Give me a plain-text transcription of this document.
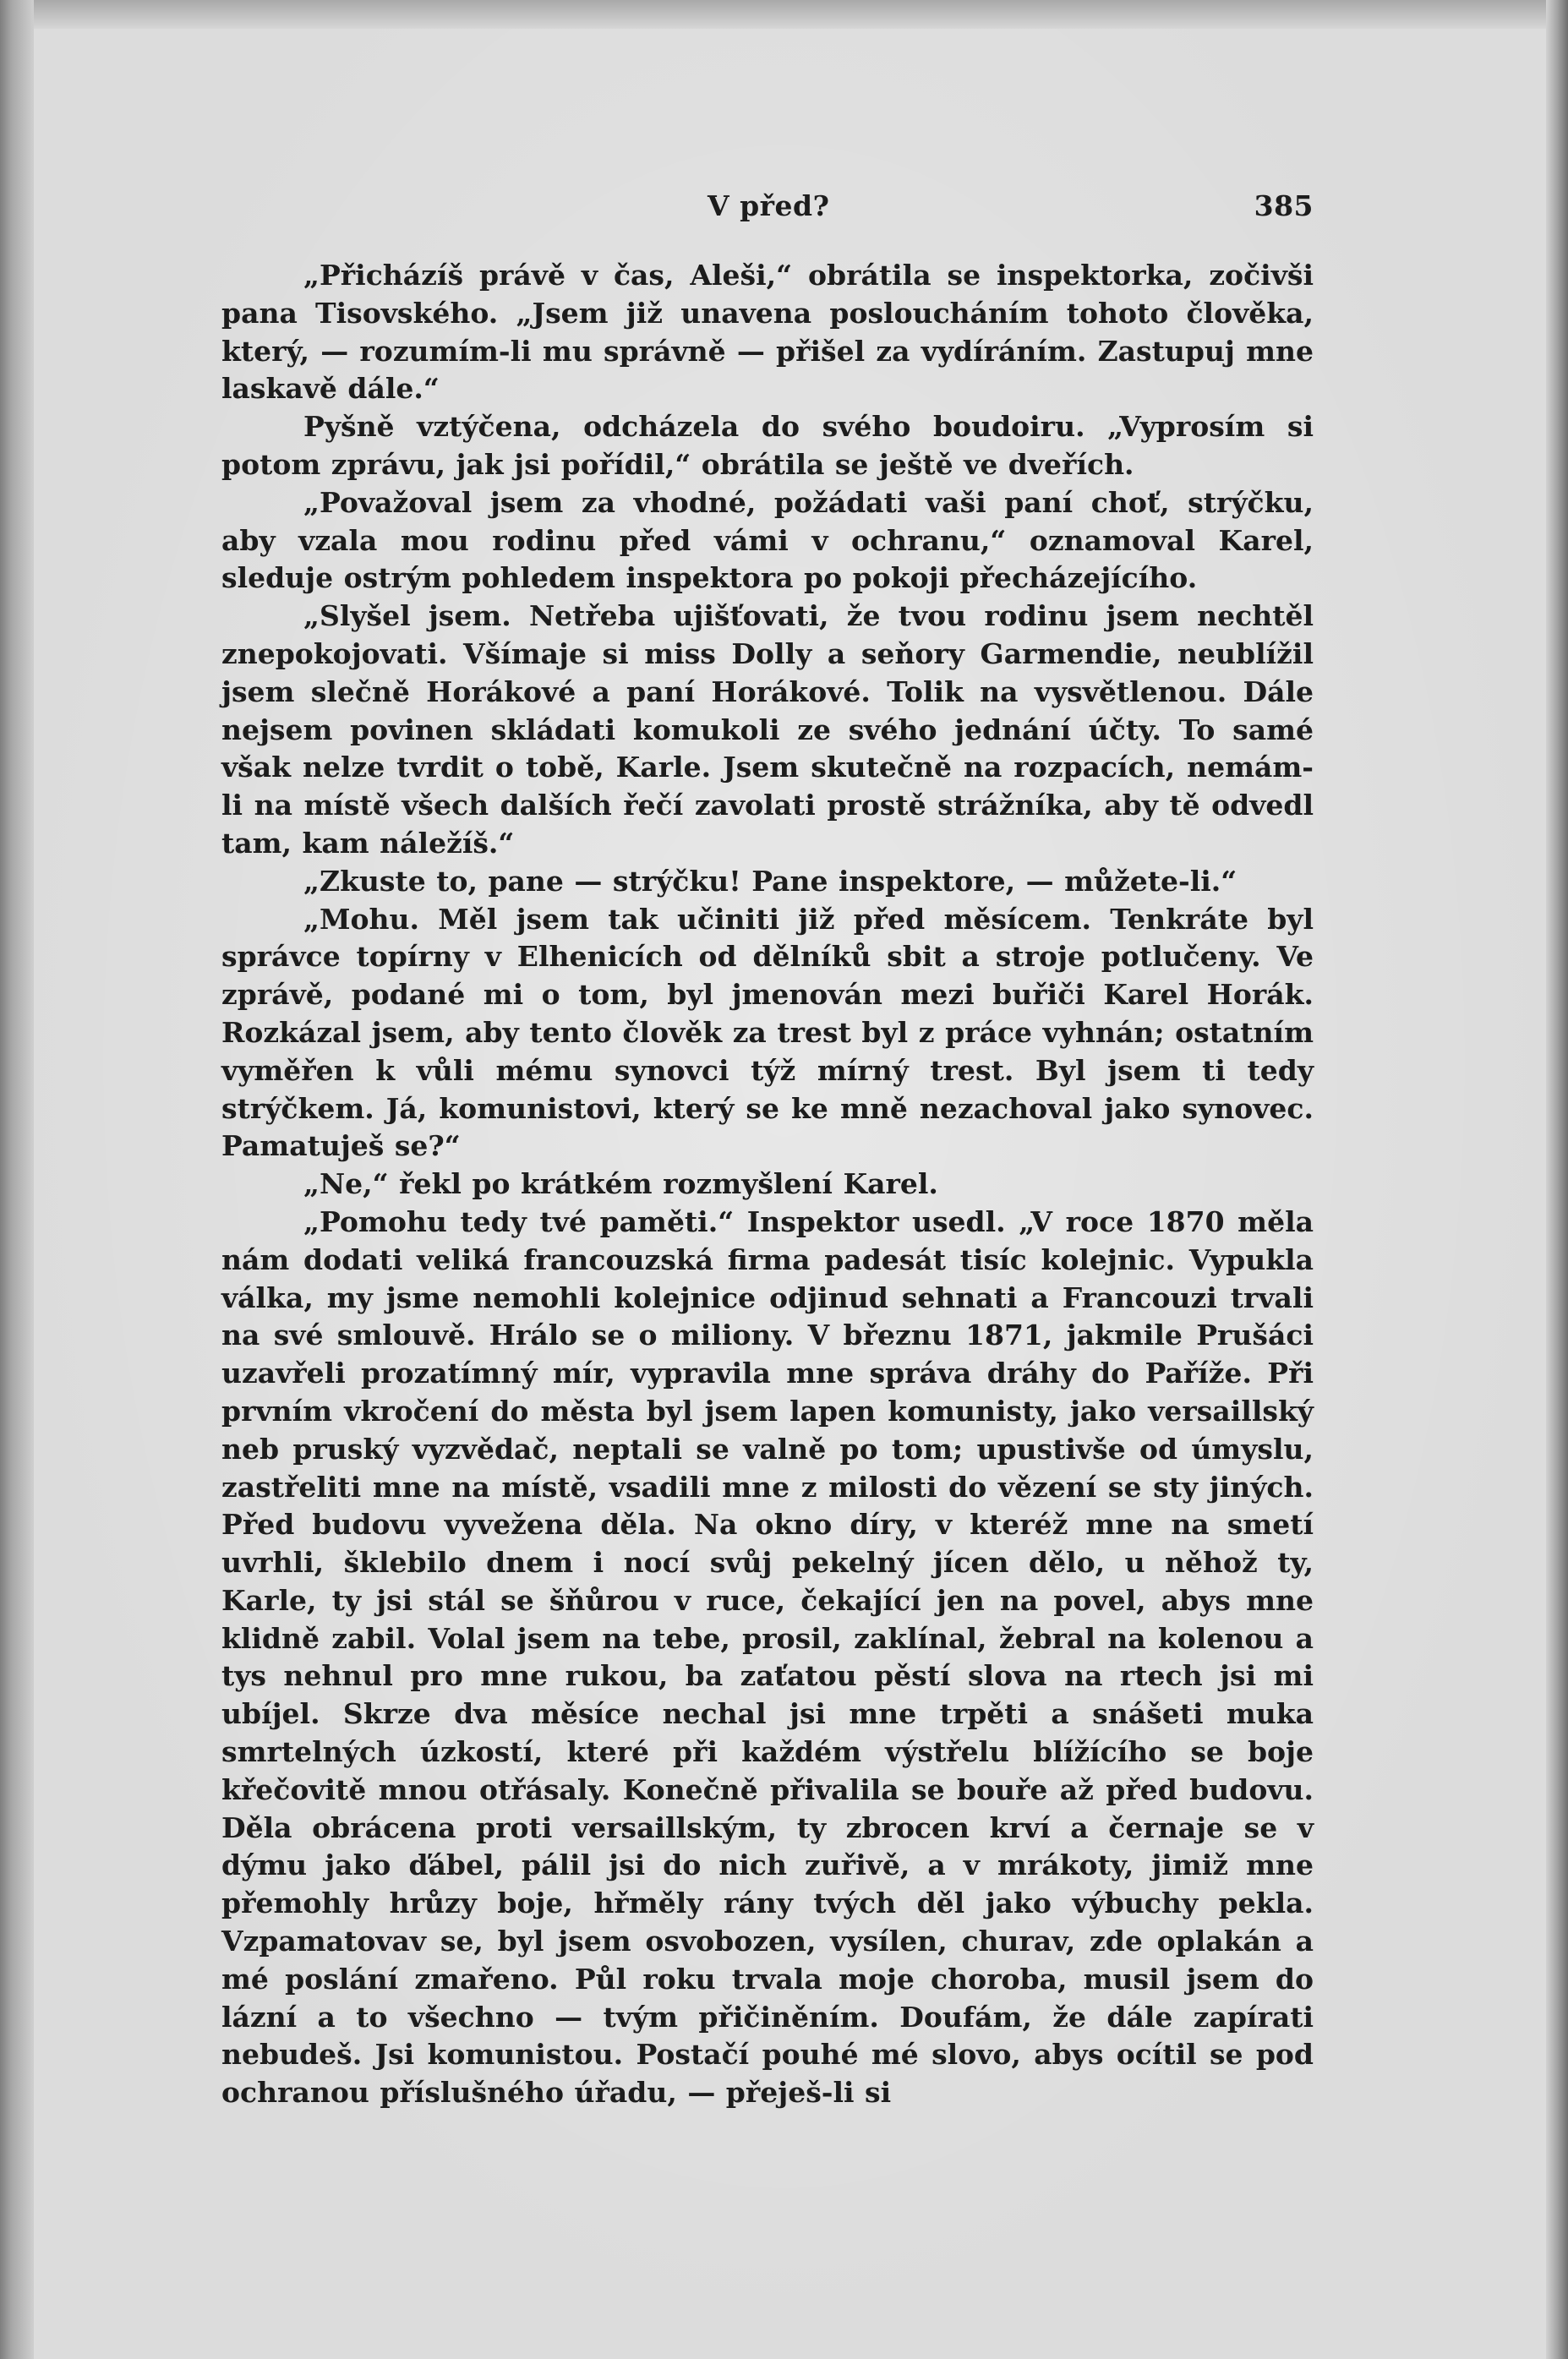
V před?	385

„Přicházíš právě v čas, Aleši,“ obrátila se inspektorka, zočivši pana Tisovského. „Jsem již unavena posloucháním tohoto člověka, který, — rozumím-li mu správně — přišel za vydíráním. Zastupuj mne laskavě dále.“

Pyšně vztýčena, odcházela do svého boudoiru. „Vyprosím si potom zprávu, jak jsi pořídil,“ obrátila se ještě ve dveřích.

„Považoval jsem za vhodné, požádati vaši paní choť, strýčku, aby vzala mou rodinu před vámi v ochranu,“ oznamoval Karel, sleduje ostrým pohledem inspektora po pokoji přecházejícího.

„Slyšel jsem. Netřeba ujišťovati, že tvou rodinu jsem nechtěl znepokojovati. Všímaje si miss Dolly a seňory Garmendie, neublížil jsem slečně Horákové a paní Horákové. Tolik na vysvětlenou. Dále nejsem povinen skládati komukoli ze svého jednání účty. To samé však nelze tvrdit o tobě, Karle. Jsem skutečně na rozpacích, nemám-li na místě všech dalších řečí zavolati prostě strážníka, aby tě odvedl tam, kam náležíš.“

„Zkuste to, pane — strýčku! Pane inspektore, — můžete-li.“

„Mohu. Měl jsem tak učiniti již před měsícem. Tenkráte byl správce topírny v Elhenicích od dělníků sbit a stroje potlučeny. Ve zprávě, podané mi o tom, byl jmenován mezi buřiči Karel Horák. Rozkázal jsem, aby tento člověk za trest byl z práce vyhnán; ostatním vyměřen k vůli mému synovci týž mírný trest. Byl jsem ti tedy strýčkem. Já, komunistovi, který se ke mně nezachoval jako synovec. Pamatuješ se?“

„Ne,“ řekl po krátkém rozmyšlení Karel.

„Pomohu tedy tvé paměti.“ Inspektor usedl. „V roce 1870 měla nám dodati veliká francouzská firma padesát tisíc kolejnic. Vypukla válka, my jsme nemohli kolejnice odjinud sehnati a Francouzi trvali na své smlouvě. Hrálo se o miliony. V březnu 1871, jakmile Prušáci uzavřeli prozatímný mír, vypravila mne správa dráhy do Paříže. Při prvním vkročení do města byl jsem lapen komunisty, jako versaillský neb pruský vyzvědač, neptali se valně po tom; upustivše od úmyslu, zastřeliti mne na místě, vsadili mne z milosti do vězení se sty jiných. Před budovu vyvežena děla. Na okno díry, v kteréž mne na smetí uvrhli, šklebilo dnem i nocí svůj pekelný jícen dělo, u něhož ty, Karle, ty jsi stál se šňůrou v ruce, čekající jen na povel, abys mne klidně zabil. Volal jsem na tebe, prosil, zaklínal, žebral na kolenou a tys nehnul pro mne rukou, ba zaťatou pěstí slova na rtech jsi mi ubíjel. Skrze dva měsíce nechal jsi mne trpěti a snášeti muka smrtelných úzkostí, které při každém výstřelu blížícího se boje křečovitě mnou otřásaly. Konečně přivalila se bouře až před budovu. Děla obrácena proti versaillským, ty zbrocen krví a černaje se v dýmu jako ďábel, pálil jsi do nich zuřivě, a v mrákoty, jimiž mne přemohly hrůzy boje, hřměly rány tvých děl jako výbuchy pekla. Vzpamatovav se, byl jsem osvobozen, vysílen, churav, zde oplakán a mé poslání zmařeno. Půl roku trvala moje choroba, musil jsem do lázní a to všechno — tvým přičiněním. Doufám, že dále zapírati nebudeš. Jsi komunistou. Postačí pouhé mé slovo, abys ocítil se pod ochranou příslušného úřadu, — přeješ-li si
